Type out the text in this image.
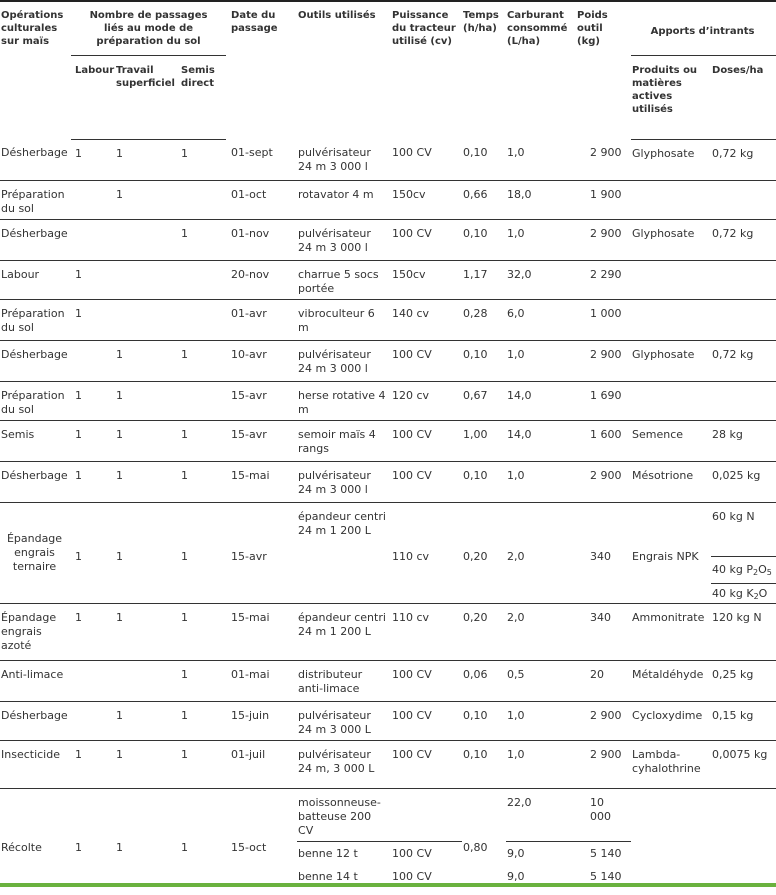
Opérations culturales sur maïs	Nombre de passages liés au mode de préparation du sol			Date du passage	Outils utilisés	Puissance du tracteur utilisé (cv)	Temps (h/ha)	Carburant consommé (L/ha)	Poids outil (kg)	Apports d’intrants	
	Labour	Travail superficiel	Semis direct							Produits ou matières actives utilisés	Doses/ha
Désherbage	1	1	1	01-sept	pulvérisateur 24 m 3 000 l	100 CV	0,10	1,0	2 900	Glyphosate	0,72 kg
Préparation du sol		1		01-oct	rotavator 4 m	150cv	0,66	18,0	1 900		
Désherbage			1	01-nov	pulvérisateur 24 m 3 000 l	100 CV	0,10	1,0	2 900	Glyphosate	0,72 kg
Labour	1			20-nov	charrue 5 socs portée	150cv	1,17	32,0	2 290		
Préparation du sol	1			01-avr	vibroculteur 6 m	140 cv	0,28	6,0	1 000		
Désherbage		1	1	10-avr	pulvérisateur 24 m 3 000 l	100 CV	0,10	1,0	2 900	Glyphosate	0,72 kg
Préparation du sol	1	1		15-avr	herse rotative 4 m	120 cv	0,67	14,0	1 690		
Semis	1	1	1	15-avr	semoir maïs 4 rangs	100 CV	1,00	14,0	1 600	Semence	28 kg
Désherbage	1	1	1	15-mai	pulvérisateur 24 m 3 000 l	100 CV	0,10	1,0	2 900	Mésotrione	0,025 kg
Épandage engrais ternaire	1	1	1	15-avr	épandeur centri 24 m 1 200 L	110 cv	0,20	2,0	340	Engrais NPK	60 kg N
											40 kg $P_2O_5$
											40 kg $K_2O$
Épandage engrais azoté	1	1	1	15-mai	épandeur centri 24 m 1 200 L	110 cv	0,20	2,0	340	Ammonitrate	120 kg N
Anti-limace			1	01-mai	distributeur anti-limace	100 CV	0,06	0,5	20	Métaldéhyde	0,25 kg
Désherbage		1	1	15-juin	pulvérisateur 24 m 3 000 L	100 CV	0,10	1,0	2 900	Cycloxydime	0,15 kg
Insecticide	1	1	1	01-juil	pulvérisateur 24 m, 3 000 L	100 CV	0,10	1,0	2 900	Lambda-cyhalothrine	0,0075 kg
Récolte	1	1	1	15-oct	moissonneuse-batteuse 200 CV		0,80	22,0	10 000		
					benne 12 t	100 CV		9,0	5 140		
					benne 14 t	100 CV		9,0	5 140		
